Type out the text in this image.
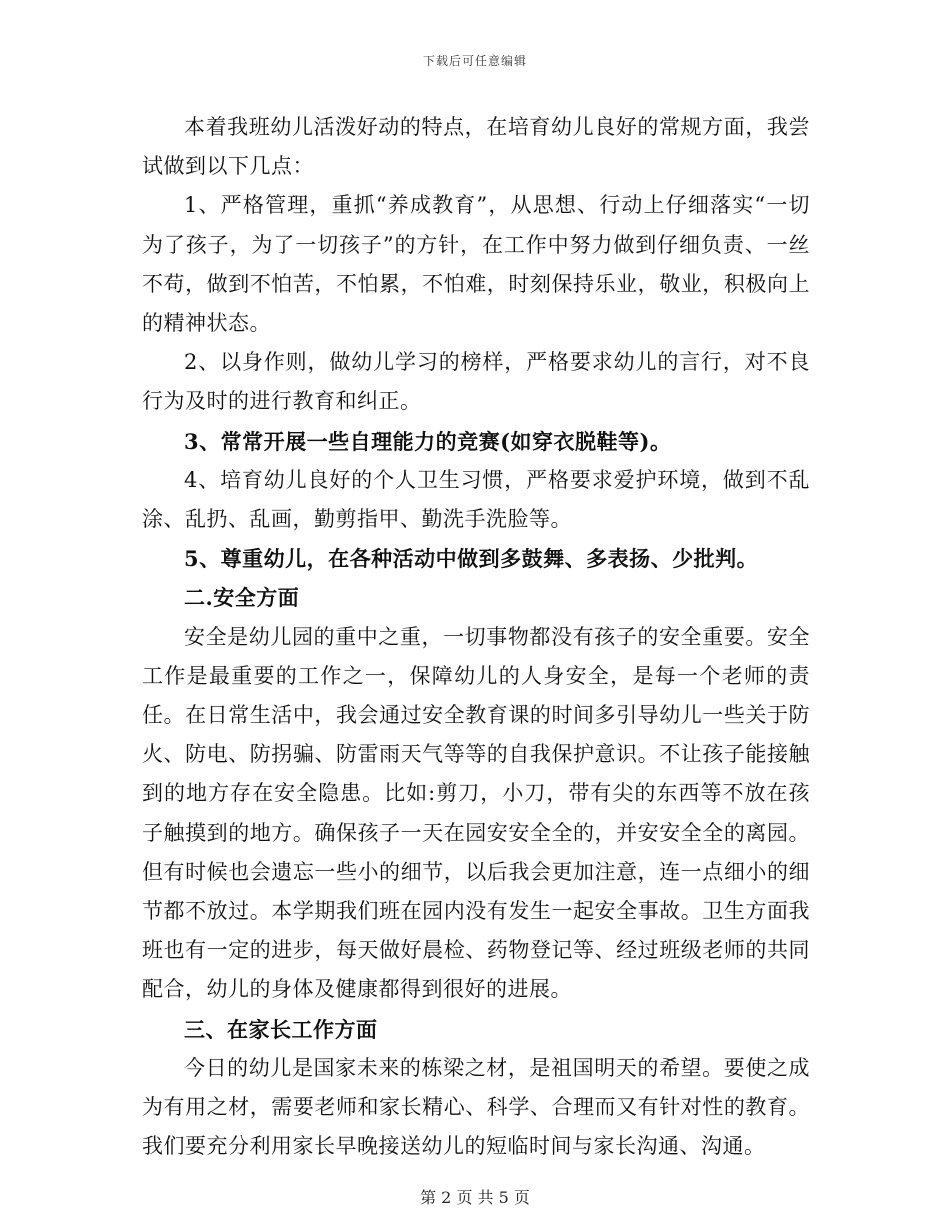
下载后可任意编辑

本着我班幼儿活泼好动的特点，在培育幼儿良好的常规方面，我尝试做到以下几点：

1、严格管理，重抓“养成教育”，从思想、行动上仔细落实“一切为了孩子，为了一切孩子”的方针，在工作中努力做到仔细负责、一丝不苟，做到不怕苦，不怕累，不怕难，时刻保持乐业，敬业，积极向上的精神状态。

2、以身作则，做幼儿学习的榜样，严格要求幼儿的言行，对不良行为及时的进行教育和纠正。

3、常常开展一些自理能力的竞赛(如穿衣脱鞋等)。

4、培育幼儿良好的个人卫生习惯，严格要求爱护环境，做到不乱涂、乱扔、乱画，勤剪指甲、勤洗手洗脸等。

5、尊重幼儿，在各种活动中做到多鼓舞、多表扬、少批判。

二.安全方面

安全是幼儿园的重中之重，一切事物都没有孩子的安全重要。安全工作是最重要的工作之一，保障幼儿的人身安全，是每一个老师的责任。在日常生活中，我会通过安全教育课的时间多引导幼儿一些关于防火、防电、防拐骗、防雷雨天气等等的自我保护意识。不让孩子能接触到的地方存在安全隐患。比如:剪刀，小刀，带有尖的东西等不放在孩子触摸到的地方。确保孩子一天在园安安全全的，并安安全全的离园。但有时候也会遗忘一些小的细节，以后我会更加注意，连一点细小的细节都不放过。本学期我们班在园内没有发生一起安全事故。卫生方面我班也有一定的进步，每天做好晨检、药物登记等、经过班级老师的共同配合，幼儿的身体及健康都得到很好的进展。

三、在家长工作方面

今日的幼儿是国家未来的栋梁之材，是祖国明天的希望。要使之成为有用之材，需要老师和家长精心、科学、合理而又有针对性的教育。我们要充分利用家长早晚接送幼儿的短临时间与家长沟通、沟通。

第 2 页 共 5 页
